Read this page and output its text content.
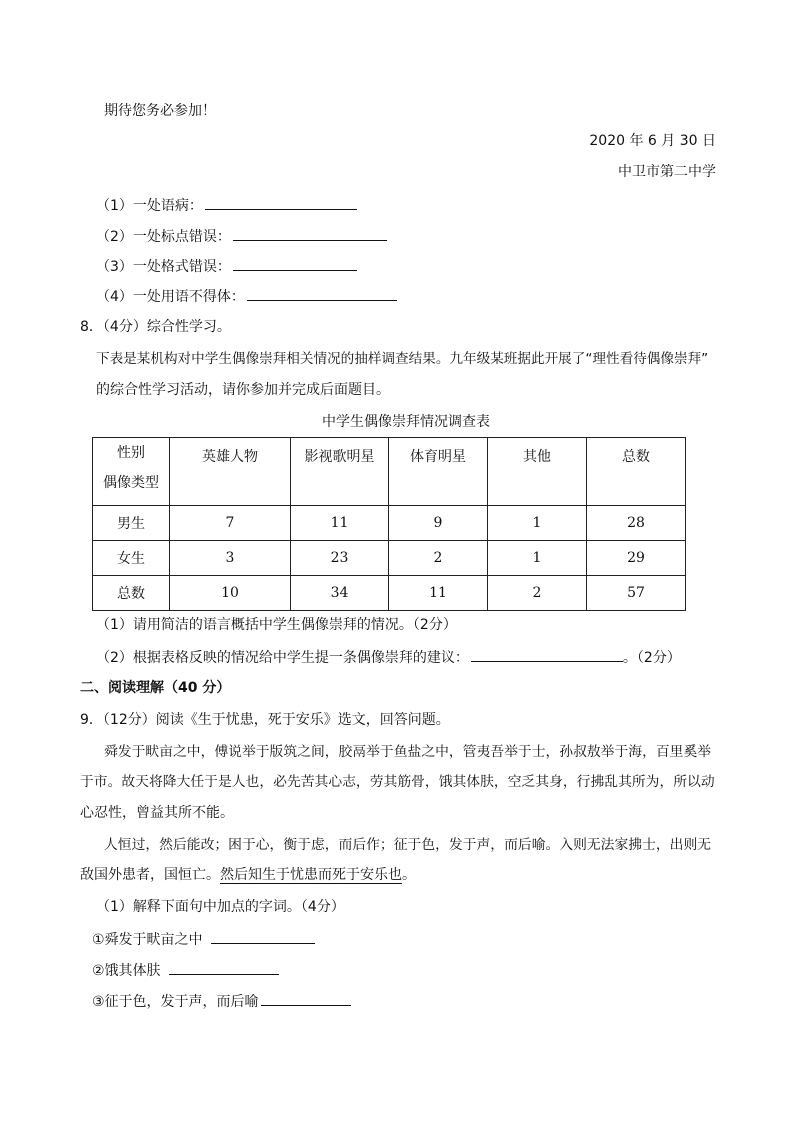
期待您务必参加！
2020 年 6 月 30 日
中卫市第二中学
（1）一处语病：
（2）一处标点错误：
（3）一处格式错误：
（4）一处用语不得体：
8．（4分）综合性学习。
下表是某机构对中学生偶像崇拜相关情况的抽样调查结果。九年级某班据此开展了“理性看待偶像崇拜”
的综合性学习活动，请你参加并完成后面题目。
中学生偶像崇拜情况调查表
性别
偶像类型	英雄人物	影视歌明星	体育明星	其他	总数
男生	7	11	9	1	28
女生	3	23	2	1	29
总数	10	34	11	2	57
（1）请用简洁的语言概括中学生偶像崇拜的情况。（2分）
（2）根据表格反映的情况给中学生提一条偶像崇拜的建议：	。（2分）
二、阅读理解（40 分）
9．（12分）阅读《生于忧患，死于安乐》选文，回答问题。
舜发于畎亩之中，傅说举于版筑之间，胶鬲举于鱼盐之中，管夷吾举于士，孙叔敖举于海，百里奚举
于市。故天将降大任于是人也，必先苦其心志，劳其筋骨，饿其体肤，空乏其身，行拂乱其所为，所以动
心忍性，曾益其所不能。
人恒过，然后能改；困于心，衡于虑，而后作；征于色，发于声，而后喻。入则无法家拂士，出则无
敌国外患者，国恒亡。然后知生于忧患而死于安乐也。
（1）解释下面句中加点的字词。（4分）
①舜发于畎亩之中
②饿其体肤
③征于色，发于声，而后喻
